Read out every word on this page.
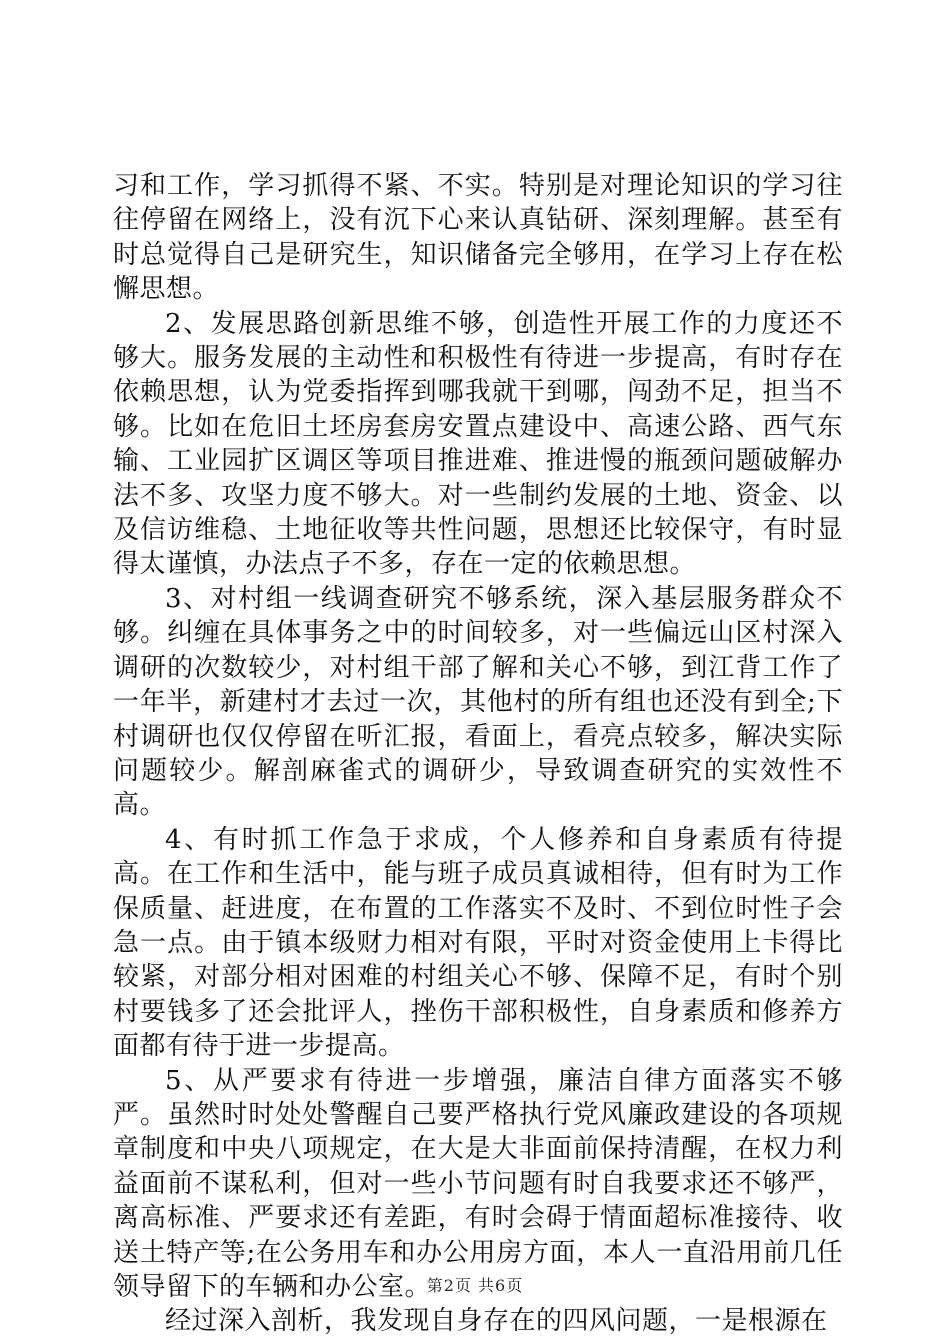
习和工作，学习抓得不紧、不实。特别是对理论知识的学习往往停留在网络上，没有沉下心来认真钻研、深刻理解。甚至有时总觉得自己是研究生，知识储备完全够用，在学习上存在松懈思想。

2、发展思路创新思维不够，创造性开展工作的力度还不够大。服务发展的主动性和积极性有待进一步提高，有时存在依赖思想，认为党委指挥到哪我就干到哪，闯劲不足，担当不够。比如在危旧土坯房套房安置点建设中、高速公路、西气东输、工业园扩区调区等项目推进难、推进慢的瓶颈问题破解办法不多、攻坚力度不够大。对一些制约发展的土地、资金、以及信访维稳、土地征收等共性问题，思想还比较保守，有时显得太谨慎，办法点子不多，存在一定的依赖思想。

3、对村组一线调查研究不够系统，深入基层服务群众不够。纠缠在具体事务之中的时间较多，对一些偏远山区村深入调研的次数较少，对村组干部了解和关心不够，到江背工作了一年半，新建村才去过一次，其他村的所有组也还没有到全;下村调研也仅仅停留在听汇报，看面上，看亮点较多，解决实际问题较少。解剖麻雀式的调研少，导致调查研究的实效性不高。

4、有时抓工作急于求成，个人修养和自身素质有待提高。在工作和生活中，能与班子成员真诚相待，但有时为工作保质量、赶进度，在布置的工作落实不及时、不到位时性子会急一点。由于镇本级财力相对有限，平时对资金使用上卡得比较紧，对部分相对困难的村组关心不够、保障不足，有时个别村要钱多了还会批评人，挫伤干部积极性，自身素质和修养方面都有待于进一步提高。

5、从严要求有待进一步增强，廉洁自律方面落实不够严。虽然时时处处警醒自己要严格执行党风廉政建设的各项规章制度和中央八项规定，在大是大非面前保持清醒，在权力利益面前不谋私利，但对一些小节问题有时自我要求还不够严，离高标准、严要求还有差距，有时会碍于情面超标准接待、收送土特产等;在公务用车和办公用房方面，本人一直沿用前几任领导留下的车辆和办公室。

经过深入剖析，我发现自身存在的四风问题，一是根源在

第2页 共6页
